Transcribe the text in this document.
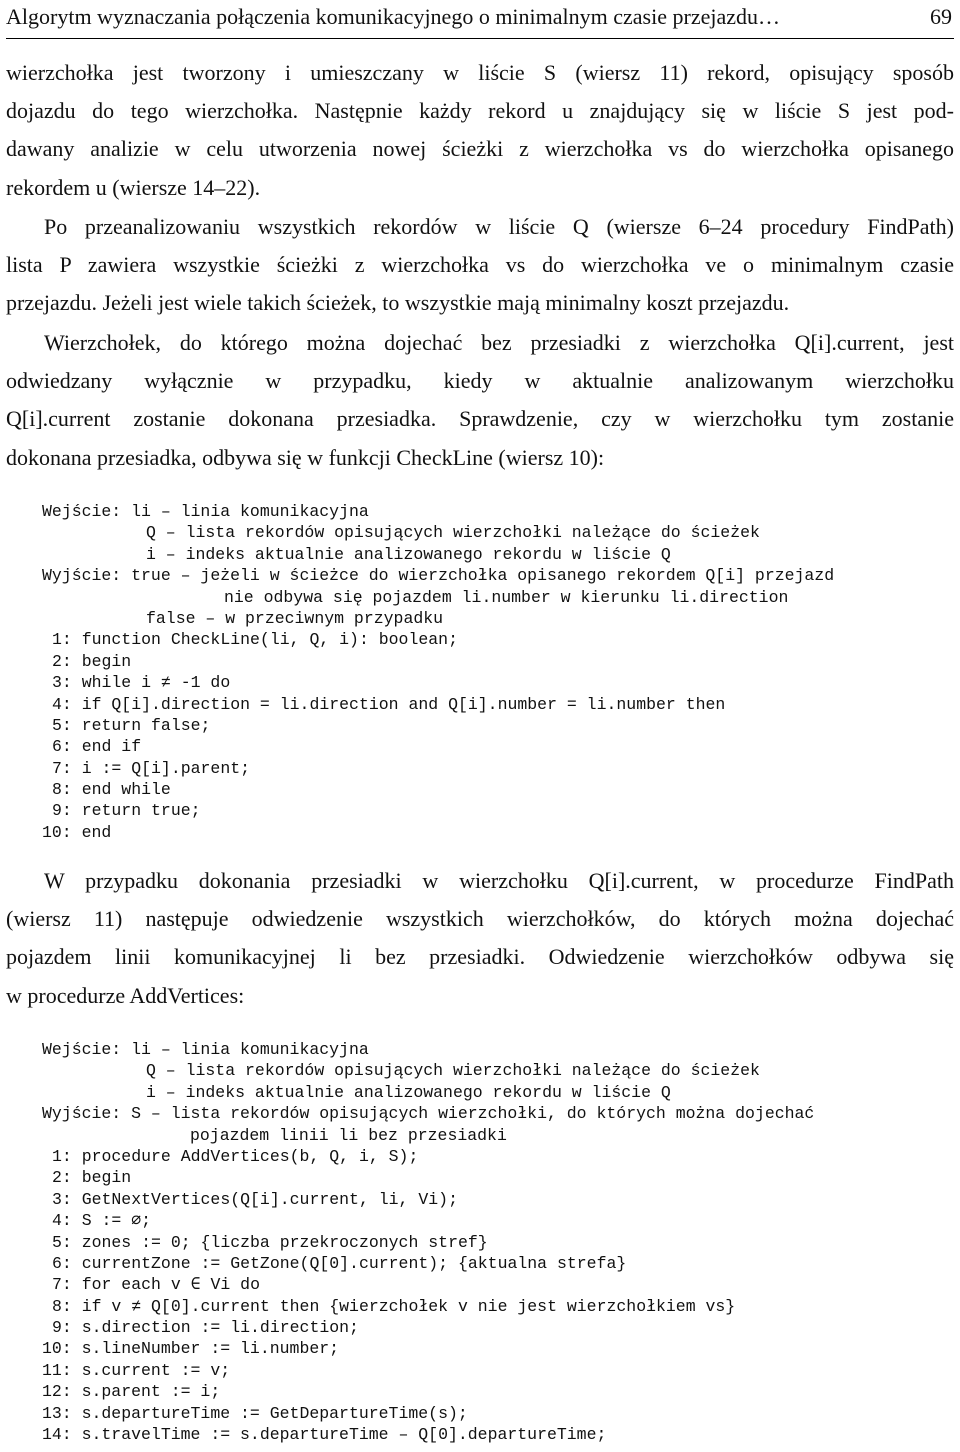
Algorytm wyznaczania połączenia komunikacyjnego o minimalnym czasie przejazdu…	69
wierzchołka jest tworzony i umieszczany w liście S (wiersz 11) rekord, opisujący sposób
dojazdu do tego wierzchołka. Następnie każdy rekord u znajdujący się w liście S jest pod-
dawany analizie w celu utworzenia nowej ścieżki z wierzchołka vs do wierzchołka opisanego
rekordem u (wiersze 14–22).
Po przeanalizowaniu wszystkich rekordów w liście Q (wiersze 6–24 procedury FindPath)
lista P zawiera wszystkie ścieżki z wierzchołka vs do wierzchołka ve o minimalnym czasie
przejazdu. Jeżeli jest wiele takich ścieżek, to wszystkie mają minimalny koszt przejazdu.
Wierzchołek, do którego można dojechać bez przesiadki z wierzchołka Q[i].current, jest
odwiedzany wyłącznie w przypadku, kiedy w aktualnie analizowanym wierzchołku
Q[i].current zostanie dokonana przesiadka. Sprawdzenie, czy w wierzchołku tym zostanie
dokonana przesiadka, odbywa się w funkcji CheckLine (wiersz 10):
Wejście: li – linia komunikacyjna
Q – lista rekordów opisujących wierzchołki należące do ścieżek
i – indeks aktualnie analizowanego rekordu w liście Q
Wyjście: true – jeżeli w ścieżce do wierzchołka opisanego rekordem Q[i] przejazd
nie odbywa się pojazdem li.number w kierunku li.direction
false – w przeciwnym przypadku
1: function CheckLine(li, Q, i): boolean;
2: begin
3: while i ≠ -1 do
4: if Q[i].direction = li.direction and Q[i].number = li.number then
5: return false;
6: end if
7: i := Q[i].parent;
8: end while
9: return true;
10: end
W przypadku dokonania przesiadki w wierzchołku Q[i].current, w procedurze FindPath
(wiersz 11) następuje odwiedzenie wszystkich wierzchołków, do których można dojechać
pojazdem linii komunikacyjnej li bez przesiadki. Odwiedzenie wierzchołków odbywa się
w procedurze AddVertices:
Wejście: li – linia komunikacyjna
Q – lista rekordów opisujących wierzchołki należące do ścieżek
i – indeks aktualnie analizowanego rekordu w liście Q
Wyjście: S – lista rekordów opisujących wierzchołki, do których można dojechać
pojazdem linii li bez przesiadki
1: procedure AddVertices(b, Q, i, S);
2: begin
3: GetNextVertices(Q[i].current, li, Vi);
4: S := ∅;
5: zones := 0; {liczba przekroczonych stref}
6: currentZone := GetZone(Q[0].current); {aktualna strefa}
7: for each v ∈ Vi do
8: if v ≠ Q[0].current then {wierzchołek v nie jest wierzchołkiem vs}
9: s.direction := li.direction;
10: s.lineNumber := li.number;
11: s.current := v;
12: s.parent := i;
13: s.departureTime := GetDepartureTime(s);
14: s.travelTime := s.departureTime – Q[0].departureTime;
